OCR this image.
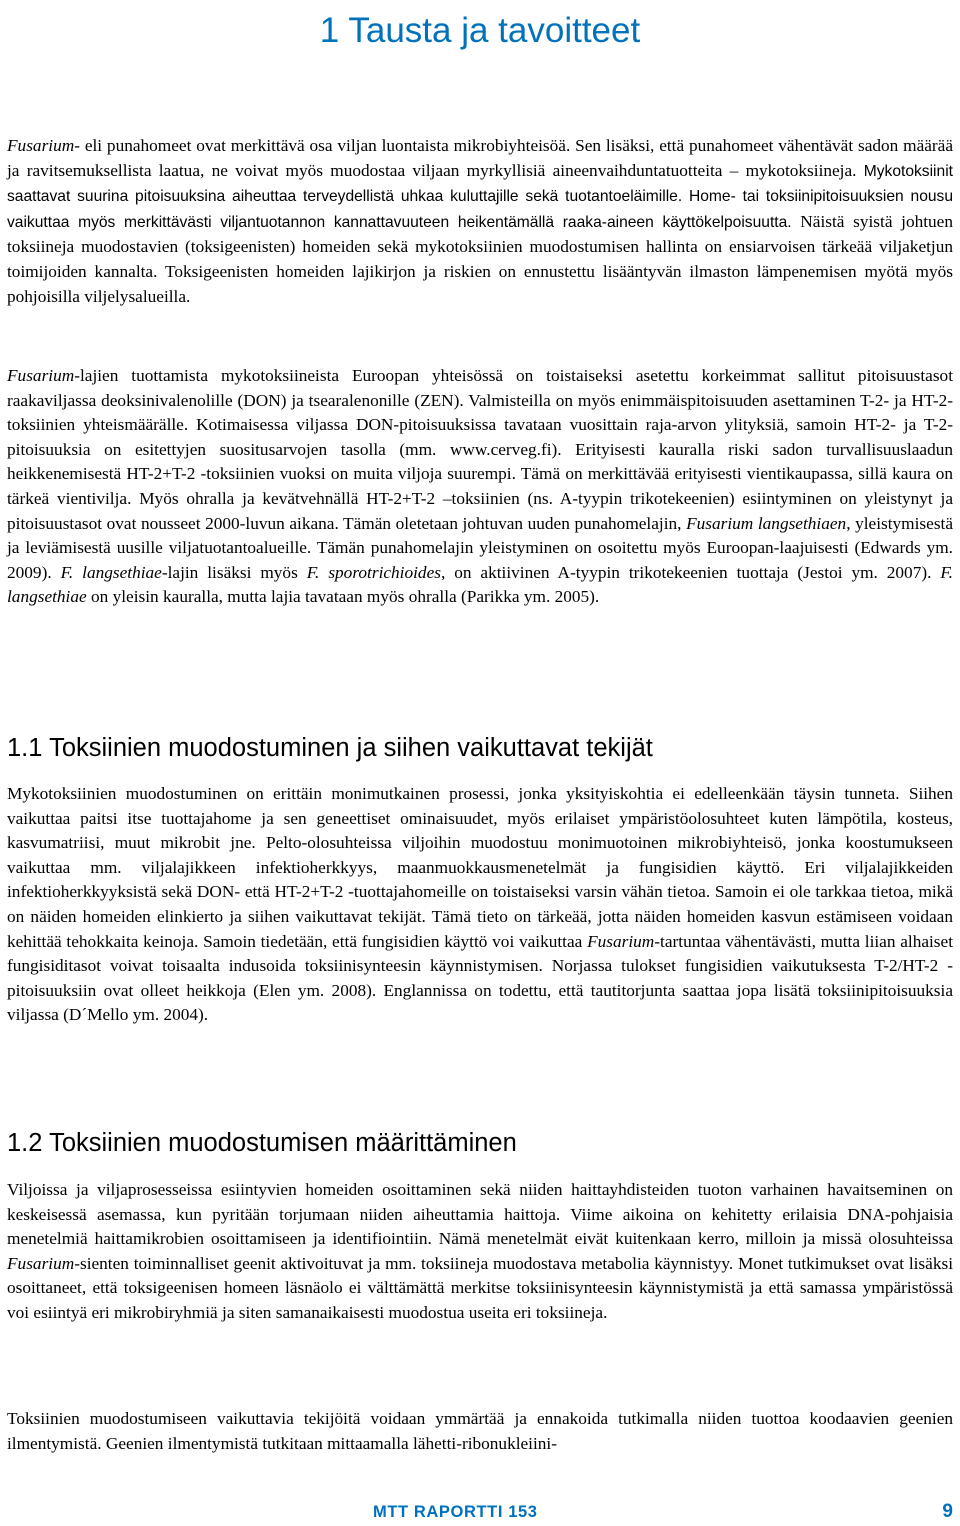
1 Tausta ja tavoitteet

Fusarium- eli punahomeet ovat merkittävä osa viljan luontaista mikrobiyhteisöä. Sen lisäksi, että punahomeet vähentävät sadon määrää ja ravitsemuksellista laatua, ne voivat myös muodostaa viljaan myrkyllisiä aineenvaihduntatuotteita – mykotoksiineja. Mykotoksiinit saattavat suurina pitoisuuksina aiheuttaa terveydellistä uhkaa kuluttajille sekä tuotantoeläimille. Home- tai toksiinipitoisuuksien nousu vaikuttaa myös merkittävästi viljantuotannon kannattavuuteen heikentämällä raaka-aineen käyttökelpoisuutta. Näistä syistä johtuen toksiineja muodostavien (toksigeenisten) homeiden sekä mykotoksiinien muodostumisen hallinta on ensiarvoisen tärkeää viljaketjun toimijoiden kannalta. Toksigeenisten homeiden lajikirjon ja riskien on ennustettu lisääntyvän ilmaston lämpenemisen myötä myös pohjoisilla viljelysalueilla.

Fusarium-lajien tuottamista mykotoksiineista Euroopan yhteisössä on toistaiseksi asetettu korkeimmat sallitut pitoisuustasot raakaviljassa deoksinivalenolille (DON) ja tsearalenonille (ZEN). Valmisteilla on myös enimmäispitoisuuden asettaminen T-2- ja HT-2- toksiinien yhteismäärälle. Kotimaisessa viljassa DON-pitoisuuksissa tavataan vuosittain raja-arvon ylityksiä, samoin HT-2- ja T-2- pitoisuuksia on esitettyjen suositusarvojen tasolla (mm. www.cerveg.fi). Erityisesti kauralla riski sadon turvallisuuslaadun heikkenemisestä HT-2+T-2 -toksiinien vuoksi on muita viljoja suurempi. Tämä on merkittävää erityisesti vientikaupassa, sillä kaura on tärkeä vientivilja. Myös ohralla ja kevätvehnällä HT-2+T-2 –toksiinien (ns. A-tyypin trikotekeenien) esiintyminen on yleistynyt ja pitoisuustasot ovat nousseet 2000-luvun aikana. Tämän oletetaan johtuvan uuden punahomelajin, Fusarium langsethiaen, yleistymisestä ja leviämisestä uusille viljatuotantoalueille. Tämän punahomelajin yleistyminen on osoitettu myös Euroopan-laajuisesti (Edwards ym. 2009). F. langsethiae-lajin lisäksi myös F. sporotrichioides, on aktiivinen A-tyypin trikotekeenien tuottaja (Jestoi ym. 2007). F. langsethiae on yleisin kauralla, mutta lajia tavataan myös ohralla (Parikka ym. 2005).

1.1 Toksiinien muodostuminen ja siihen vaikuttavat tekijät

Mykotoksiinien muodostuminen on erittäin monimutkainen prosessi, jonka yksityiskohtia ei edelleenkään täysin tunneta. Siihen vaikuttaa paitsi itse tuottajahome ja sen geneettiset ominaisuudet, myös erilaiset ympäristöolosuhteet kuten lämpötila, kosteus, kasvumatriisi, muut mikrobit jne. Pelto-olosuhteissa viljoihin muodostuu monimuotoinen mikrobiyhteisö, jonka koostumukseen vaikuttaa mm. viljalajikkeen infektioherkkyys, maanmuokkausmenetelmät ja fungisidien käyttö. Eri viljalajikkeiden infektioherkkyyksistä sekä DON- että HT-2+T-2 -tuottajahomeille on toistaiseksi varsin vähän tietoa. Samoin ei ole tarkkaa tietoa, mikä on näiden homeiden elinkierto ja siihen vaikuttavat tekijät. Tämä tieto on tärkeää, jotta näiden homeiden kasvun estämiseen voidaan kehittää tehokkaita keinoja. Samoin tiedetään, että fungisidien käyttö voi vaikuttaa Fusarium-tartuntaa vähentävästi, mutta liian alhaiset fungisiditasot voivat toisaalta indusoida toksiinisynteesin käynnistymisen. Norjassa tulokset fungisidien vaikutuksesta T-2/HT-2 -pitoisuuksiin ovat olleet heikkoja (Elen ym. 2008). Englannissa on todettu, että tautitorjunta saattaa jopa lisätä toksiinipitoisuuksia viljassa (D´Mello ym. 2004).

1.2 Toksiinien muodostumisen määrittäminen

Viljoissa ja viljaprosesseissa esiintyvien homeiden osoittaminen sekä niiden haittayhdisteiden tuoton varhainen havaitseminen on keskeisessä asemassa, kun pyritään torjumaan niiden aiheuttamia haittoja. Viime aikoina on kehitetty erilaisia DNA-pohjaisia menetelmiä haittamikrobien osoittamiseen ja identifiointiin. Nämä menetelmät eivät kuitenkaan kerro, milloin ja missä olosuhteissa Fusarium-sienten toiminnalliset geenit aktivoituvat ja mm. toksiineja muodostava metabolia käynnistyy. Monet tutkimukset ovat lisäksi osoittaneet, että toksigeenisen homeen läsnäolo ei välttämättä merkitse toksiinisynteesin käynnistymistä ja että samassa ympäristössä voi esiintyä eri mikrobiryhmiä ja siten samanaikaisesti muodostua useita eri toksiineja.

Toksiinien muodostumiseen vaikuttavia tekijöitä voidaan ymmärtää ja ennakoida tutkimalla niiden tuottoa koodaavien geenien ilmentymistä. Geenien ilmentymistä tutkitaan mittaamalla lähetti-ribonukleiini-

MTT RAPORTTI 153	9
